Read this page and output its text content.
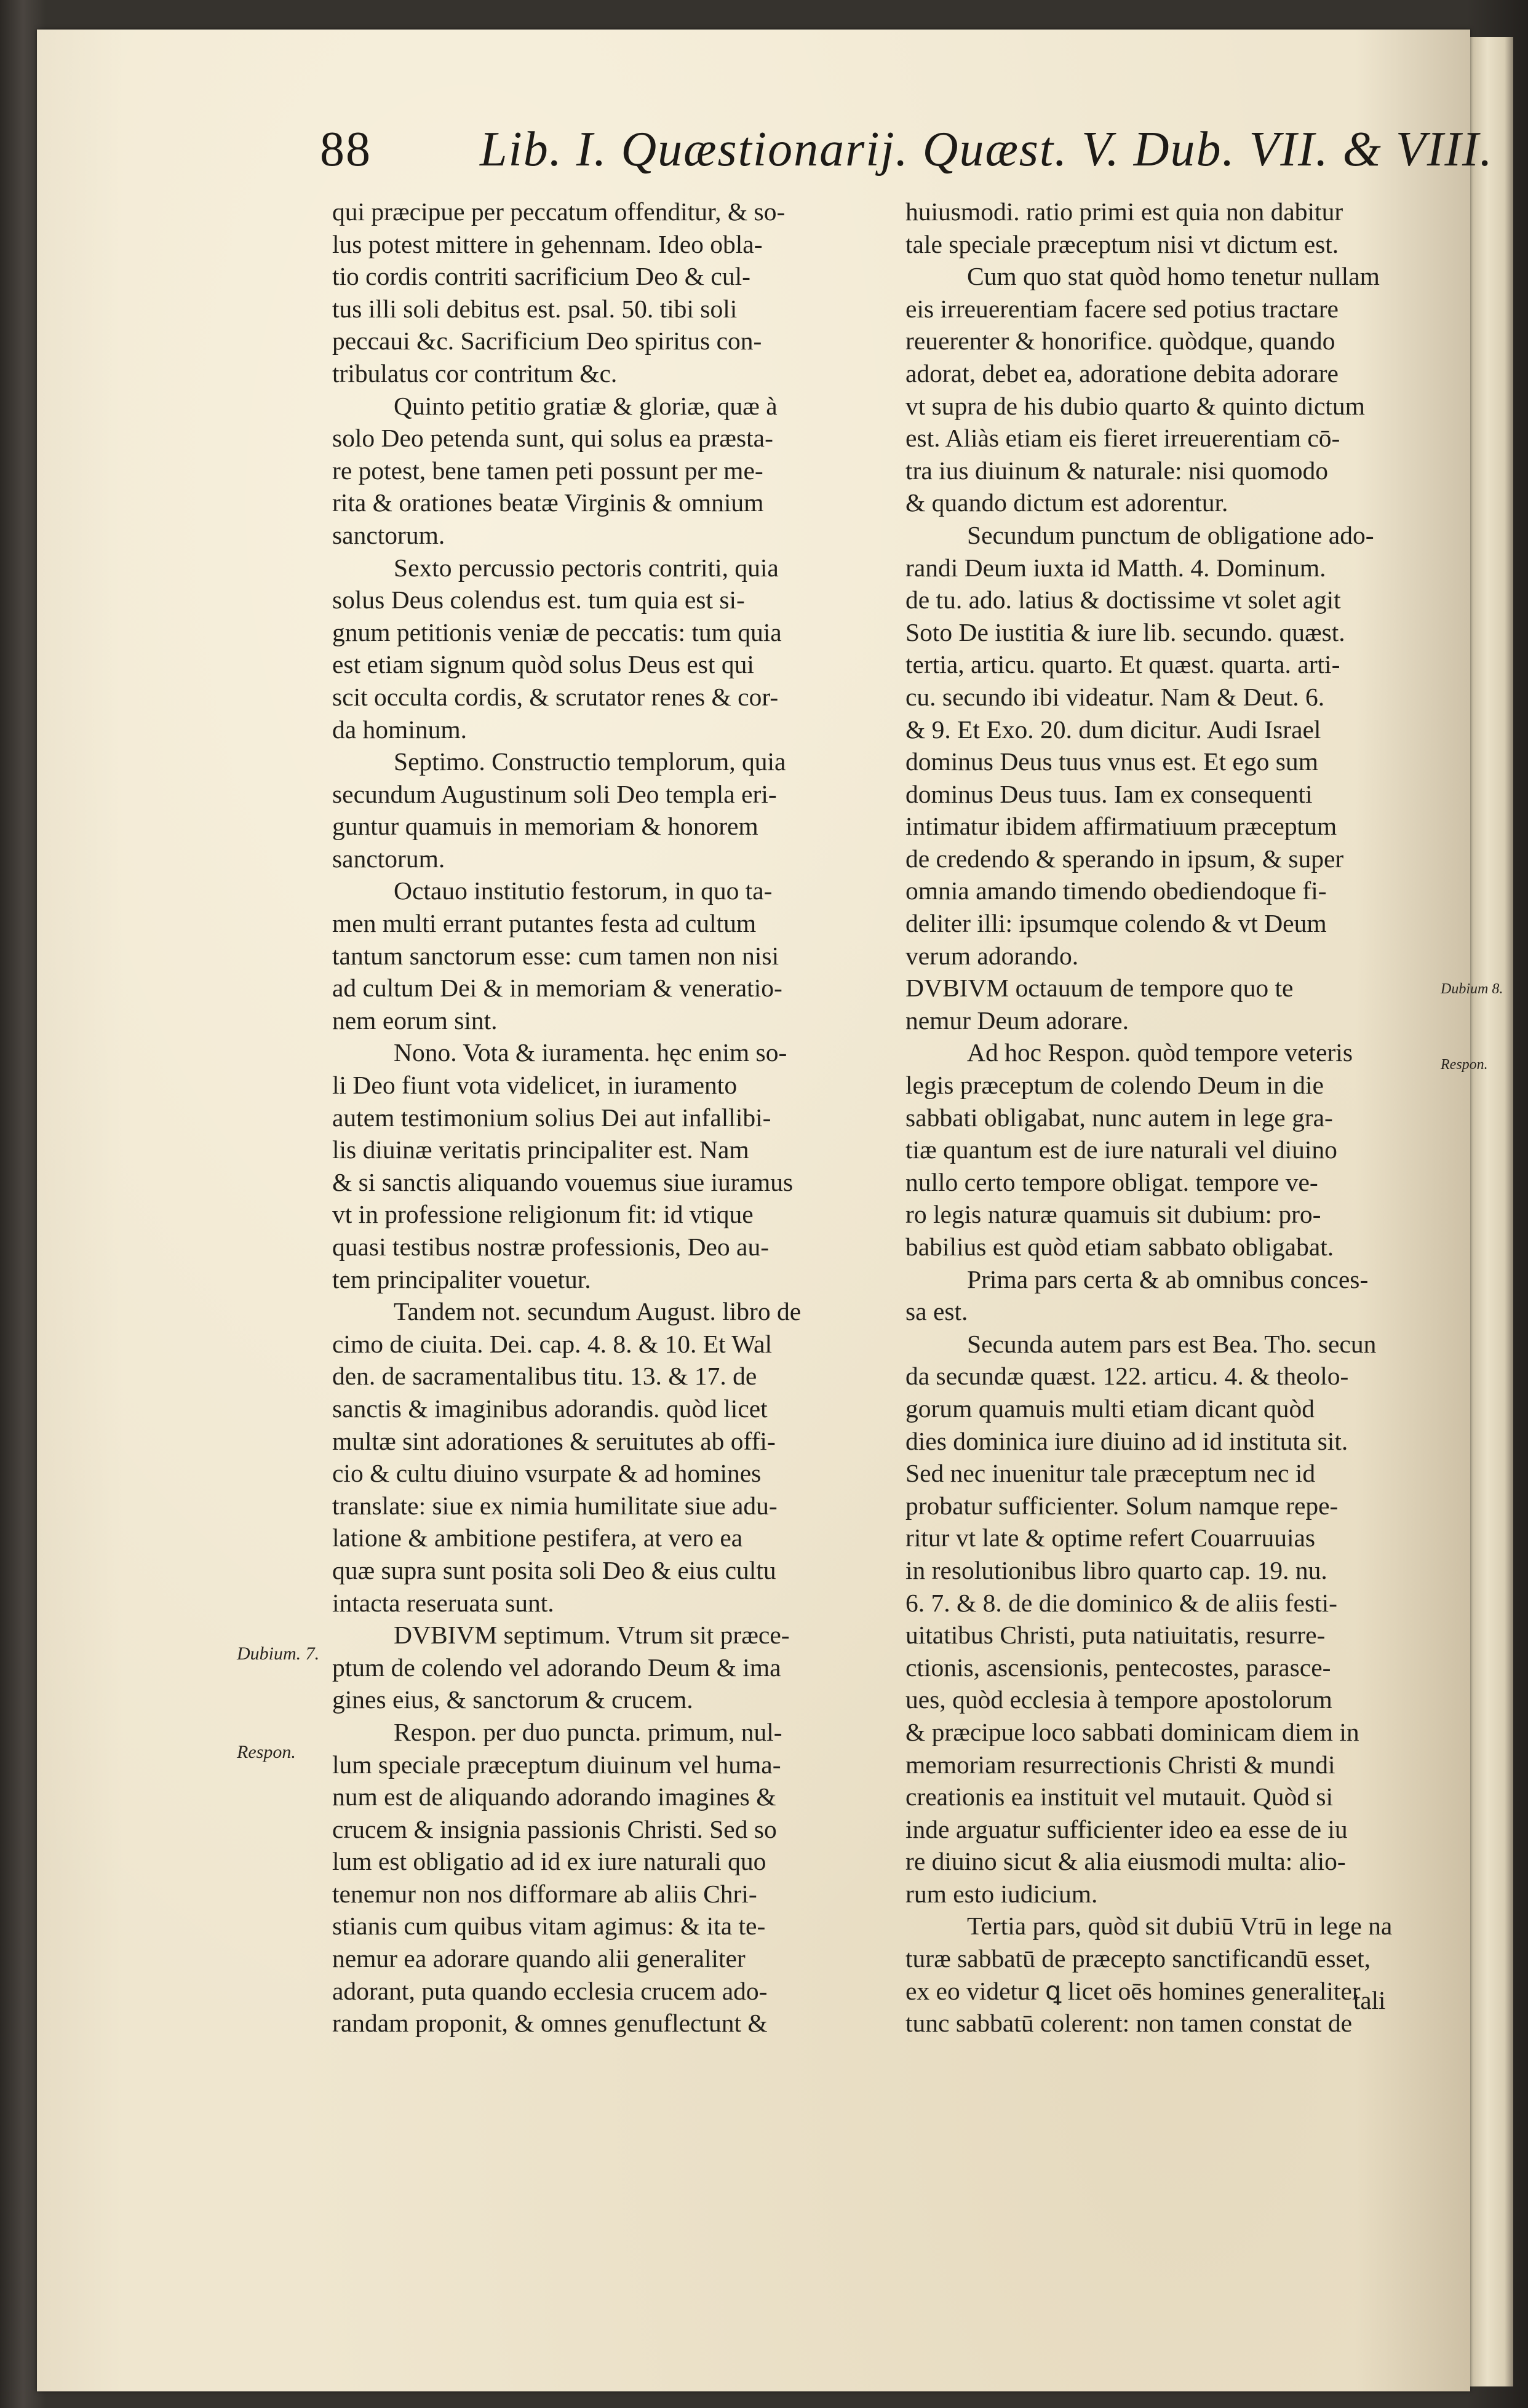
88 Lib. I. Quæstionarij. Quæst. V. Dub. VII. & VIII.
qui præcipue per peccatum offenditur, & so-
lus potest mittere in gehennam. Ideo obla-
tio cordis contriti sacrificium Deo & cul-
tus illi soli debitus est. psal. 50. tibi soli
peccaui &c. Sacrificium Deo spiritus con-
tribulatus cor contritum &c.
Quinto petitio gratiæ & gloriæ, quæ à
solo Deo petenda sunt, qui solus ea præsta-
re potest, bene tamen peti possunt per me-
rita & orationes beatæ Virginis & omnium
sanctorum.
Sexto percussio pectoris contriti, quia
solus Deus colendus est. tum quia est si-
gnum petitionis veniæ de peccatis: tum quia
est etiam signum quòd solus Deus est qui
scit occulta cordis, & scrutator renes & cor-
da hominum.
Septimo. Constructio templorum, quia
secundum Augustinum soli Deo templa eri-
guntur quamuis in memoriam & honorem
sanctorum.
Octauo institutio festorum, in quo ta-
men multi errant putantes festa ad cultum
tantum sanctorum esse: cum tamen non nisi
ad cultum Dei & in memoriam & veneratio-
nem eorum sint.
Nono. Vota & iuramenta. hęc enim so-
li Deo fiunt vota videlicet, in iuramento
autem testimonium solius Dei aut infallibi-
lis diuinæ veritatis principaliter est. Nam
& si sanctis aliquando vouemus siue iuramus
vt in professione religionum fit: id vtique
quasi testibus nostræ professionis, Deo au-
tem principaliter vouetur.
Tandem not. secundum August. libro de
cimo de ciuita. Dei. cap. 4. 8. & 10. Et Wal
den. de sacramentalibus titu. 13. & 17. de
sanctis & imaginibus adorandis. quòd licet
multæ sint adorationes & seruitutes ab offi-
cio & cultu diuino vsurpate & ad homines
translate: siue ex nimia humilitate siue adu-
latione & ambitione pestifera, at vero ea
quæ supra sunt posita soli Deo & eius cultu
intacta reseruata sunt.
DVBIVM septimum. Vtrum sit præce-
ptum de colendo vel adorando Deum & ima
gines eius, & sanctorum & crucem.
Respon. per duo puncta. primum, nul-
lum speciale præceptum diuinum vel huma-
num est de aliquando adorando imagines &
crucem & insignia passionis Christi. Sed so
lum est obligatio ad id ex iure naturali quo
tenemur non nos difformare ab aliis Chri-
stianis cum quibus vitam agimus: & ita te-
nemur ea adorare quando alii generaliter
adorant, puta quando ecclesia crucem ado-
randam proponit, & omnes genuflectunt &
huiusmodi. ratio primi est quia non dabitur
tale speciale præceptum nisi vt dictum est.
Cum quo stat quòd homo tenetur nullam
eis irreuerentiam facere sed potius tractare
reuerenter & honorifice. quòdque, quando
adorat, debet ea, adoratione debita adorare
vt supra de his dubio quarto & quinto dictum
est. Aliàs etiam eis fieret irreuerentiam cō-
tra ius diuinum & naturale: nisi quomodo
& quando dictum est adorentur.
Secundum punctum de obligatione ado-
randi Deum iuxta id Matth. 4. Dominum.
de tu. ado. latius & doctissime vt solet agit
Soto De iustitia & iure lib. secundo. quæst.
tertia, articu. quarto. Et quæst. quarta. arti-
cu. secundo ibi videatur. Nam & Deut. 6.
& 9. Et Exo. 20. dum dicitur. Audi Israel
dominus Deus tuus vnus est. Et ego sum
dominus Deus tuus. Iam ex consequenti
intimatur ibidem affirmatiuum præceptum
de credendo & sperando in ipsum, & super
omnia amando timendo obediendoque fi-
deliter illi: ipsumque colendo & vt Deum
verum adorando.
DVBIVM octauum de tempore quo te
nemur Deum adorare.
Ad hoc Respon. quòd tempore veteris
legis præceptum de colendo Deum in die
sabbati obligabat, nunc autem in lege gra-
tiæ quantum est de iure naturali vel diuino
nullo certo tempore obligat. tempore ve-
ro legis naturæ quamuis sit dubium: pro-
babilius est quòd etiam sabbato obligabat.
Prima pars certa & ab omnibus conces-
sa est.
Secunda autem pars est Bea. Tho. secun
da secundæ quæst. 122. articu. 4. & theolo-
gorum quamuis multi etiam dicant quòd
dies dominica iure diuino ad id instituta sit.
Sed nec inuenitur tale præceptum nec id
probatur sufficienter. Solum namque repe-
ritur vt late & optime refert Couarruuias
in resolutionibus libro quarto cap. 19. nu.
6. 7. & 8. de die dominico & de aliis festi-
uitatibus Christi, puta natiuitatis, resurre-
ctionis, ascensionis, pentecostes, parasce-
ues, quòd ecclesia à tempore apostolorum
& præcipue loco sabbati dominicam diem in
memoriam resurrectionis Christi & mundi
creationis ea instituit vel mutauit. Quòd si
inde arguatur sufficienter ideo ea esse de iu
re diuino sicut & alia eiusmodi multa: alio-
rum esto iudicium.
Tertia pars, quòd sit dubiū Vtrū in lege na
turæ sabbatū de præcepto sanctificandū esset,
ex eo videtur ꝗ licet oēs homines generaliter
tunc sabbatū colerent: non tamen constat de
Dubium. 7.
Respon.
Dubium 8.
Respon.
tali
